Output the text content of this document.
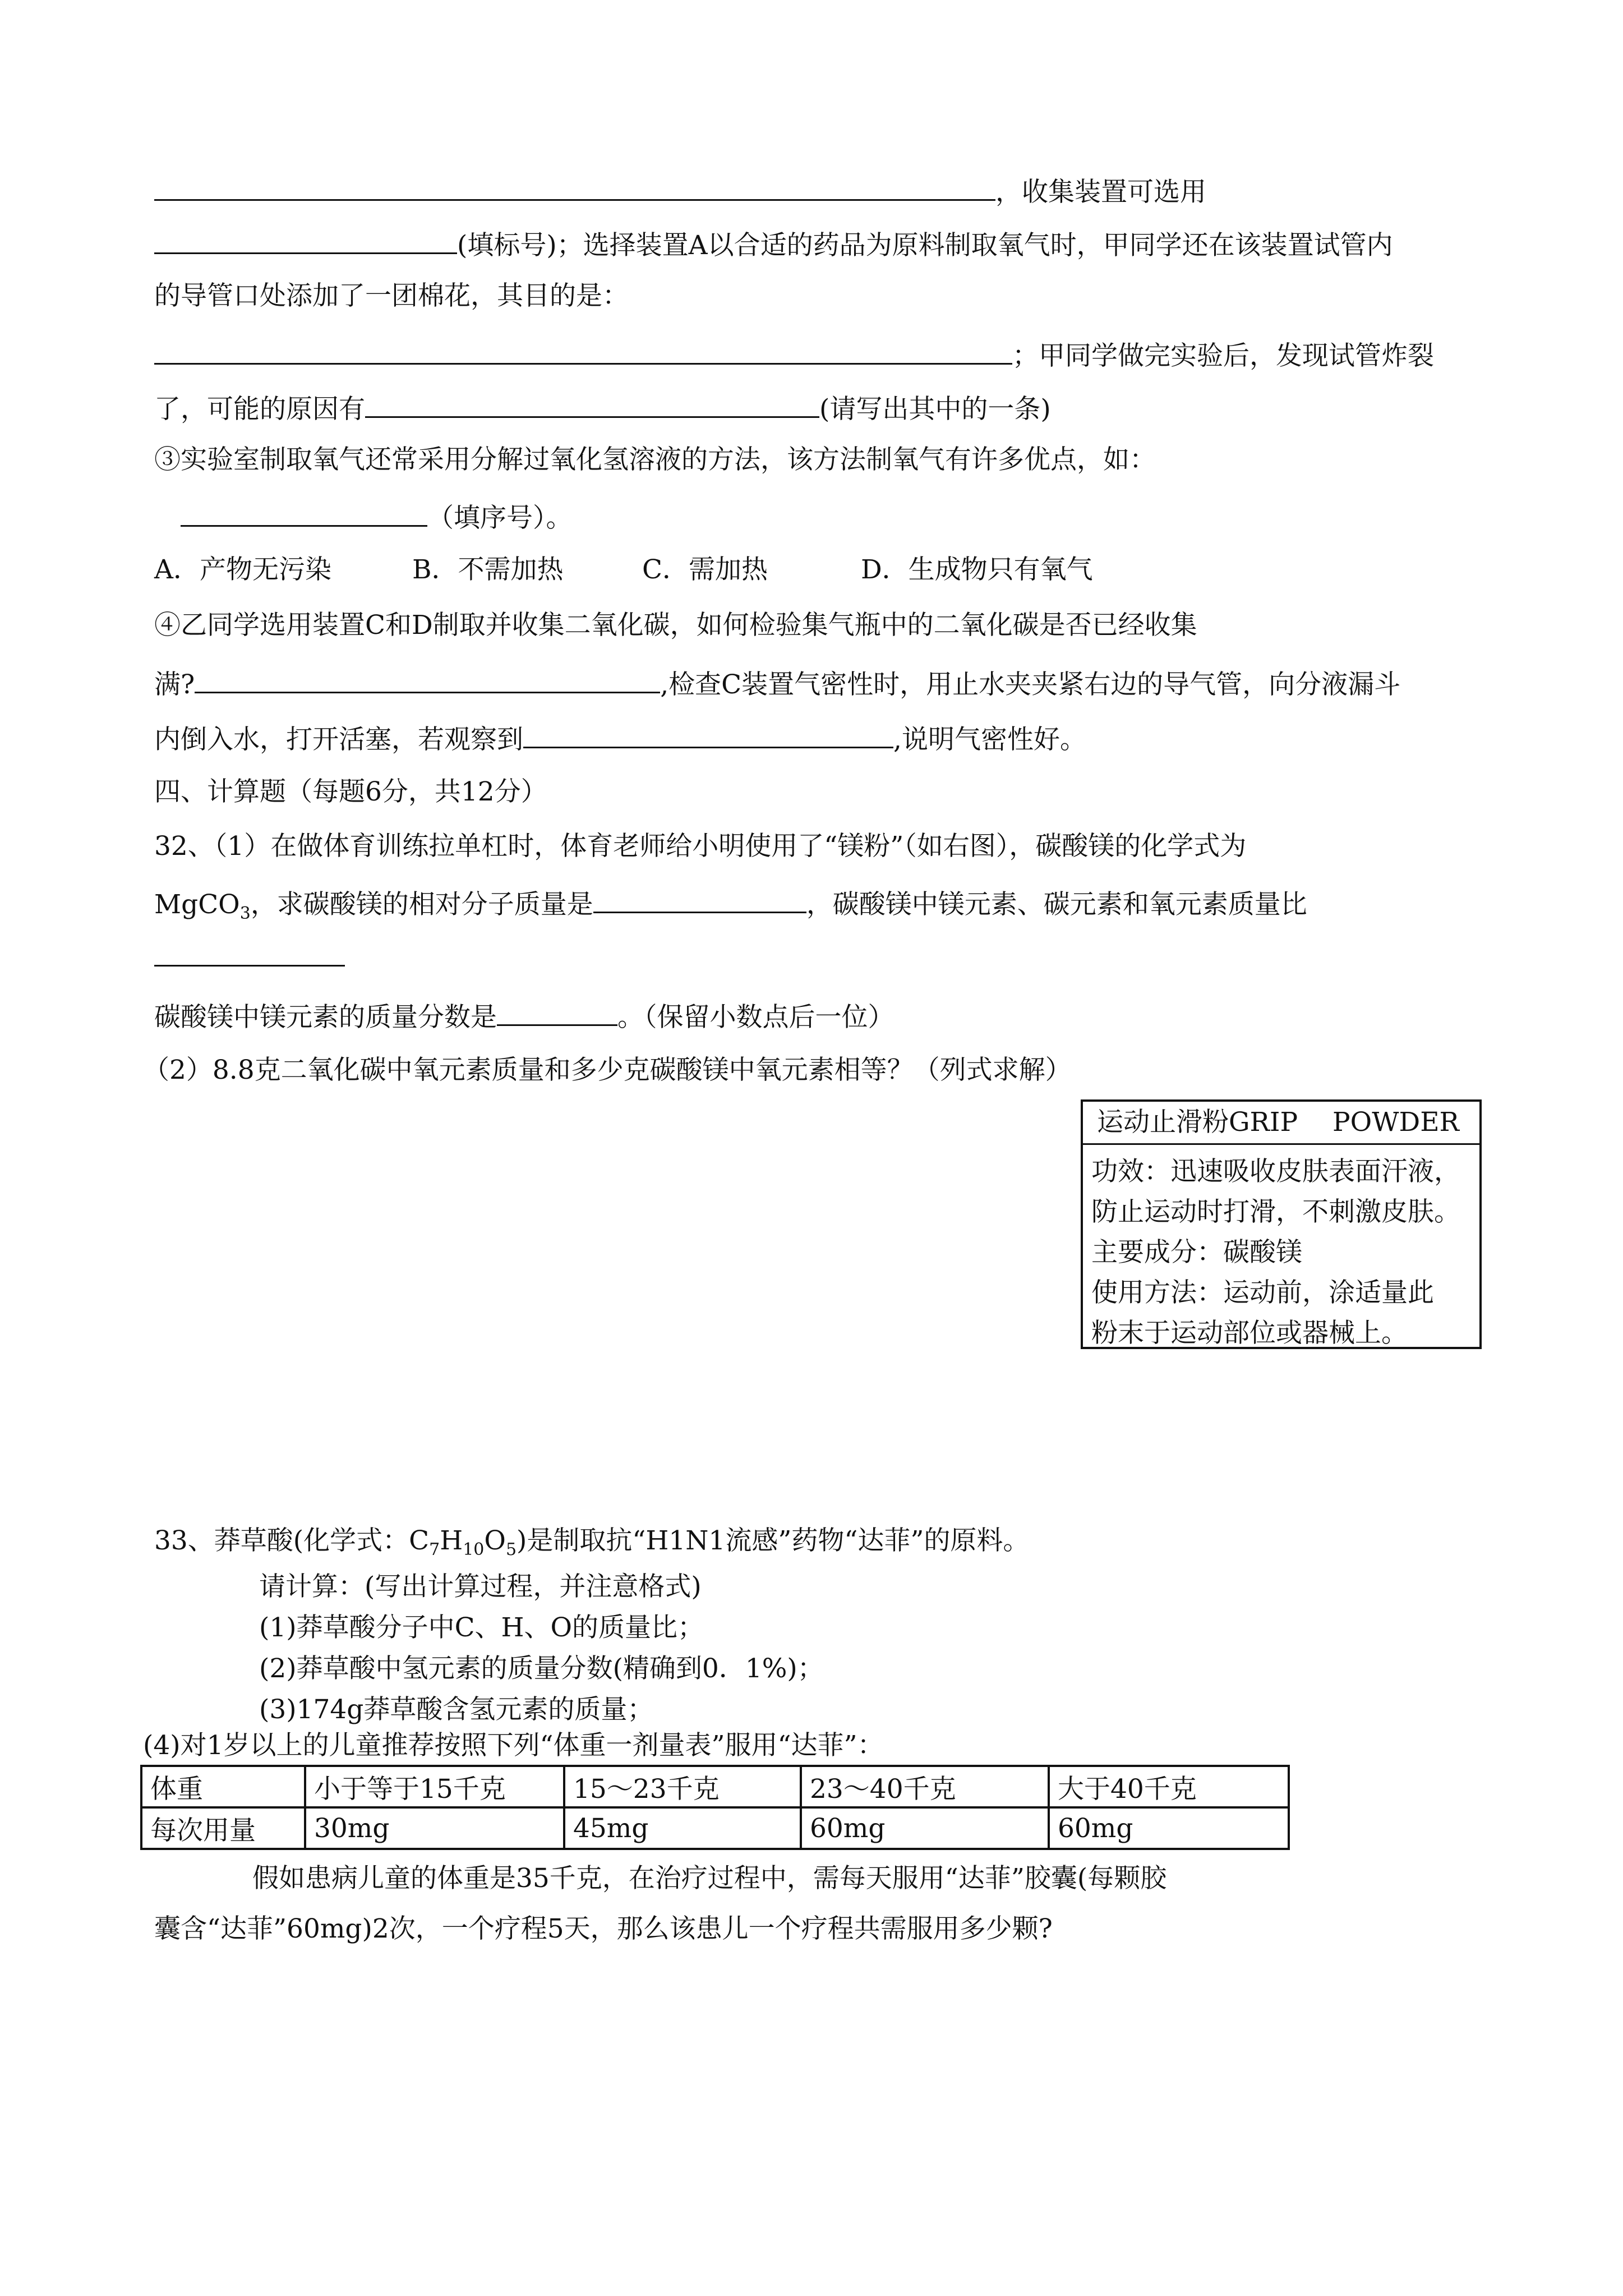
，收集装置可选用
(填标号)；选择装置A以合适的药品为原料制取氧气时，甲同学还在该装置试管内
的导管口处添加了一团棉花，其目的是：
；甲同学做完实验后，发现试管炸裂
了，可能的原因有	(请写出其中的一条)
③实验室制取氧气还常采用分解过氧化氢溶液的方法，该方法制氧气有许多优点，如：
（填序号）。
A．产物无污染	B．不需加热	C．需加热	D．生成物只有氧气
④乙同学选用装置C和D制取并收集二氧化碳，如何检验集气瓶中的二氧化碳是否已经收集
满?	,检查C装置气密性时，用止水夹夹紧右边的导气管，向分液漏斗
内倒入水，打开活塞，若观察到	,说明气密性好。
四、计算题（每题6分，共12分）
32、（1）在做体育训练拉单杠时，体育老师给小明使用了“镁粉”（如右图），碳酸镁的化学式为
MgCO$_3$，求碳酸镁的相对分子质量是	，碳酸镁中镁元素、碳元素和氧元素质量比
碳酸镁中镁元素的质量分数是	。（保留小数点后一位）
（2）8.8克二氧化碳中氧元素质量和多少克碳酸镁中氧元素相等？（列式求解）
运动止滑粉GRIP　 POWDER
功效：迅速吸收皮肤表面汗液，
防止运动时打滑，不刺激皮肤。
主要成分：碳酸镁
使用方法：运动前，涂适量此
粉末于运动部位或器械上。
33、莽草酸(化学式：$C_7H_{10}O_5$)是制取抗“H1N1流感”药物“达菲”的原料。
请计算：(写出计算过程，并注意格式)
(1)莽草酸分子中C、H、O的质量比；
(2)莽草酸中氢元素的质量分数(精确到0．1%)；
(3)174g莽草酸含氢元素的质量；
(4)对1岁以上的儿童推荐按照下列“体重一剂量表”服用“达菲”：
体重	小于等于15千克	15～23千克	23～40千克	大于40千克
每次用量	30mg	45mg	60mg	60mg
假如患病儿童的体重是35千克，在治疗过程中，需每天服用“达菲”胶囊(每颗胶
囊含“达菲”60mg)2次，一个疗程5天，那么该患儿一个疗程共需服用多少颗?
